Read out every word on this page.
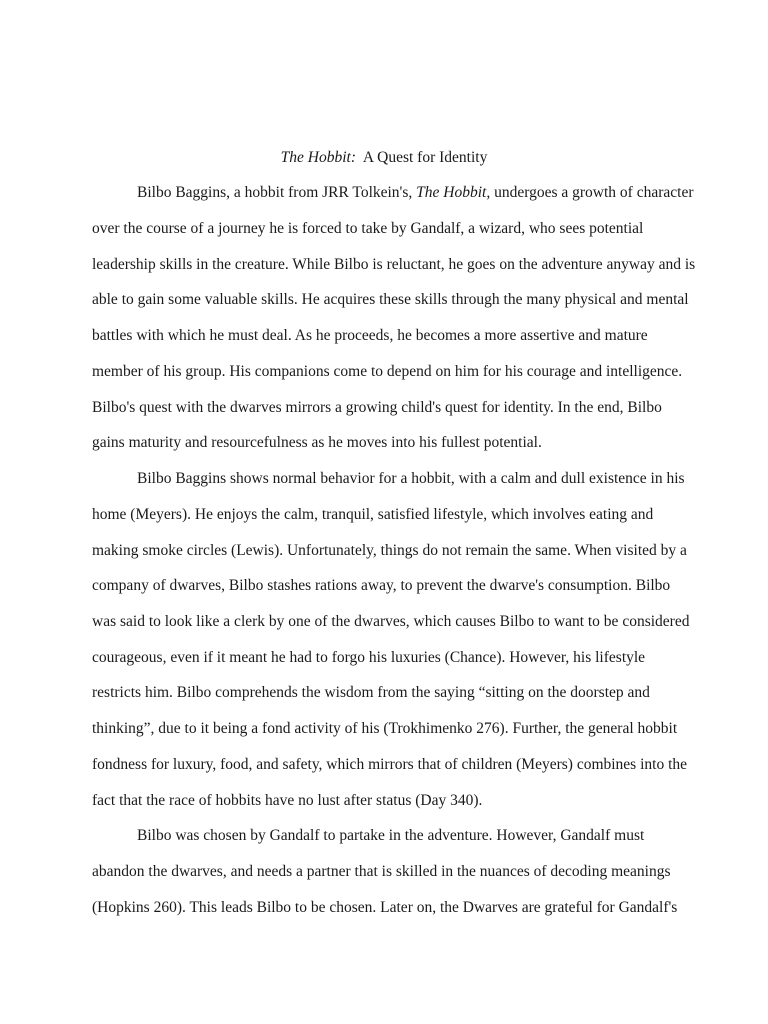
The Hobbit: A Quest for Identity
Bilbo Baggins, a hobbit from JRR Tolkein's, The Hobbit, undergoes a growth of character
over the course of a journey he is forced to take by Gandalf, a wizard, who sees potential
leadership skills in the creature. While Bilbo is reluctant, he goes on the adventure anyway and is
able to gain some valuable skills. He acquires these skills through the many physical and mental
battles with which he must deal. As he proceeds, he becomes a more assertive and mature
member of his group. His companions come to depend on him for his courage and intelligence.
Bilbo's quest with the dwarves mirrors a growing child's quest for identity. In the end, Bilbo
gains maturity and resourcefulness as he moves into his fullest potential.
Bilbo Baggins shows normal behavior for a hobbit, with a calm and dull existence in his
home (Meyers). He enjoys the calm, tranquil, satisfied lifestyle, which involves eating and
making smoke circles (Lewis). Unfortunately, things do not remain the same. When visited by a
company of dwarves, Bilbo stashes rations away, to prevent the dwarve's consumption. Bilbo
was said to look like a clerk by one of the dwarves, which causes Bilbo to want to be considered
courageous, even if it meant he had to forgo his luxuries (Chance). However, his lifestyle
restricts him. Bilbo comprehends the wisdom from the saying “sitting on the doorstep and
thinking”, due to it being a fond activity of his (Trokhimenko 276). Further, the general hobbit
fondness for luxury, food, and safety, which mirrors that of children (Meyers) combines into the
fact that the race of hobbits have no lust after status (Day 340).
Bilbo was chosen by Gandalf to partake in the adventure. However, Gandalf must
abandon the dwarves, and needs a partner that is skilled in the nuances of decoding meanings
(Hopkins 260). This leads Bilbo to be chosen. Later on, the Dwarves are grateful for Gandalf's
